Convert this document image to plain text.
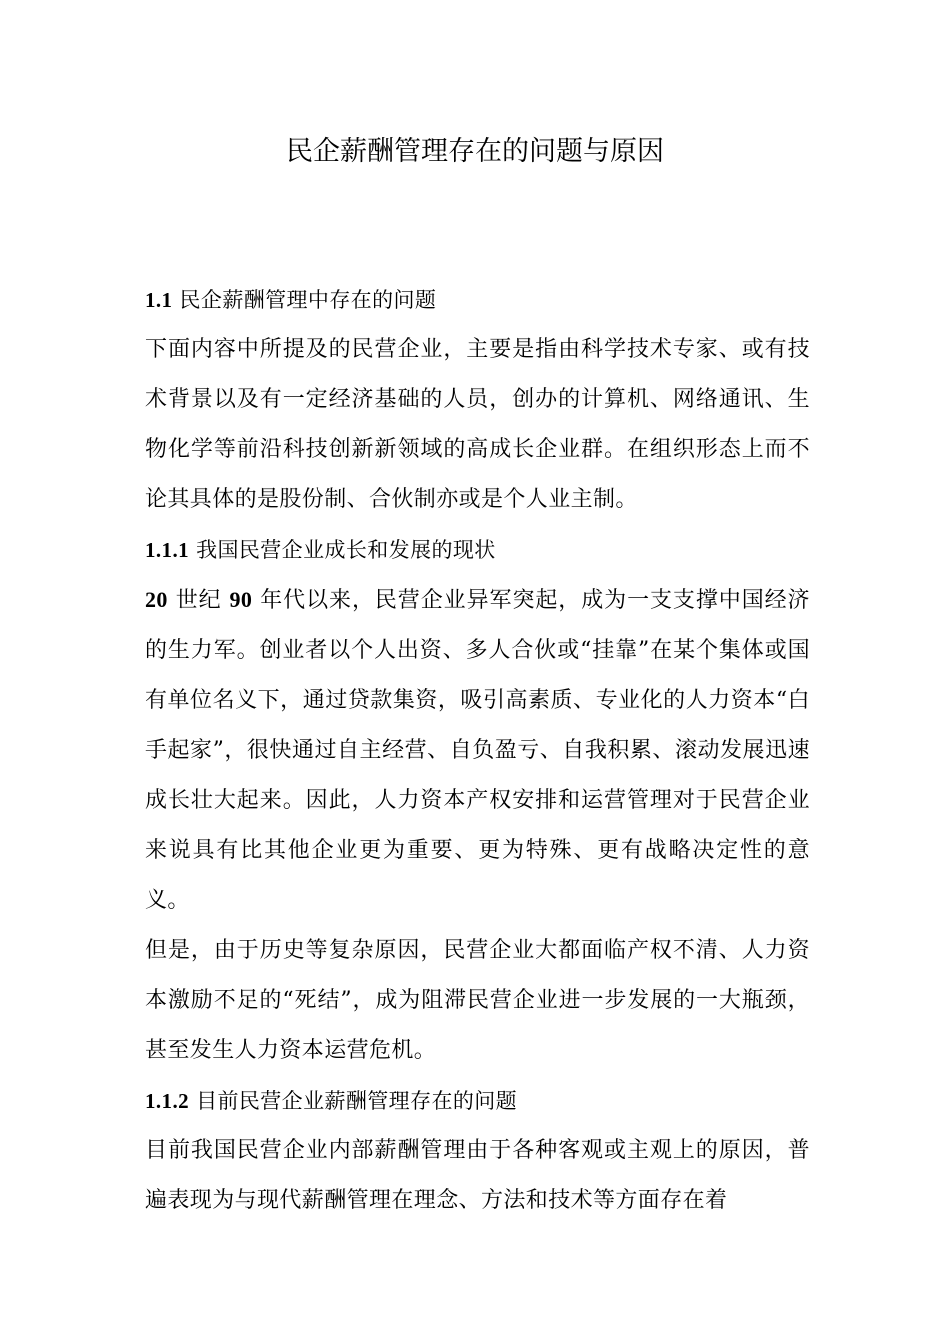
民企薪酬管理存在的问题与原因

1.1 民企薪酬管理中存在的问题

下面内容中所提及的民营企业，主要是指由科学技术专家、或有技术背景以及有一定经济基础的人员，创办的计算机、网络通讯、生物化学等前沿科技创新新领域的高成长企业群。在组织形态上而不论其具体的是股份制、合伙制亦或是个人业主制。

1.1.1 我国民营企业成长和发展的现状

20 世纪 90 年代以来，民营企业异军突起，成为一支支撑中国经济的生力军。创业者以个人出资、多人合伙或“挂靠”在某个集体或国有单位名义下，通过贷款集资，吸引高素质、专业化的人力资本“白手起家”，很快通过自主经营、自负盈亏、自我积累、滚动发展迅速成长壮大起来。因此，人力资本产权安排和运营管理对于民营企业来说具有比其他企业更为重要、更为特殊、更有战略决定性的意义。

但是，由于历史等复杂原因，民营企业大都面临产权不清、人力资本激励不足的“死结”，成为阻滞民营企业进一步发展的一大瓶颈，甚至发生人力资本运营危机。

1.1.2 目前民营企业薪酬管理存在的问题

目前我国民营企业内部薪酬管理由于各种客观或主观上的原因，普遍表现为与现代薪酬管理在理念、方法和技术等方面存在着
